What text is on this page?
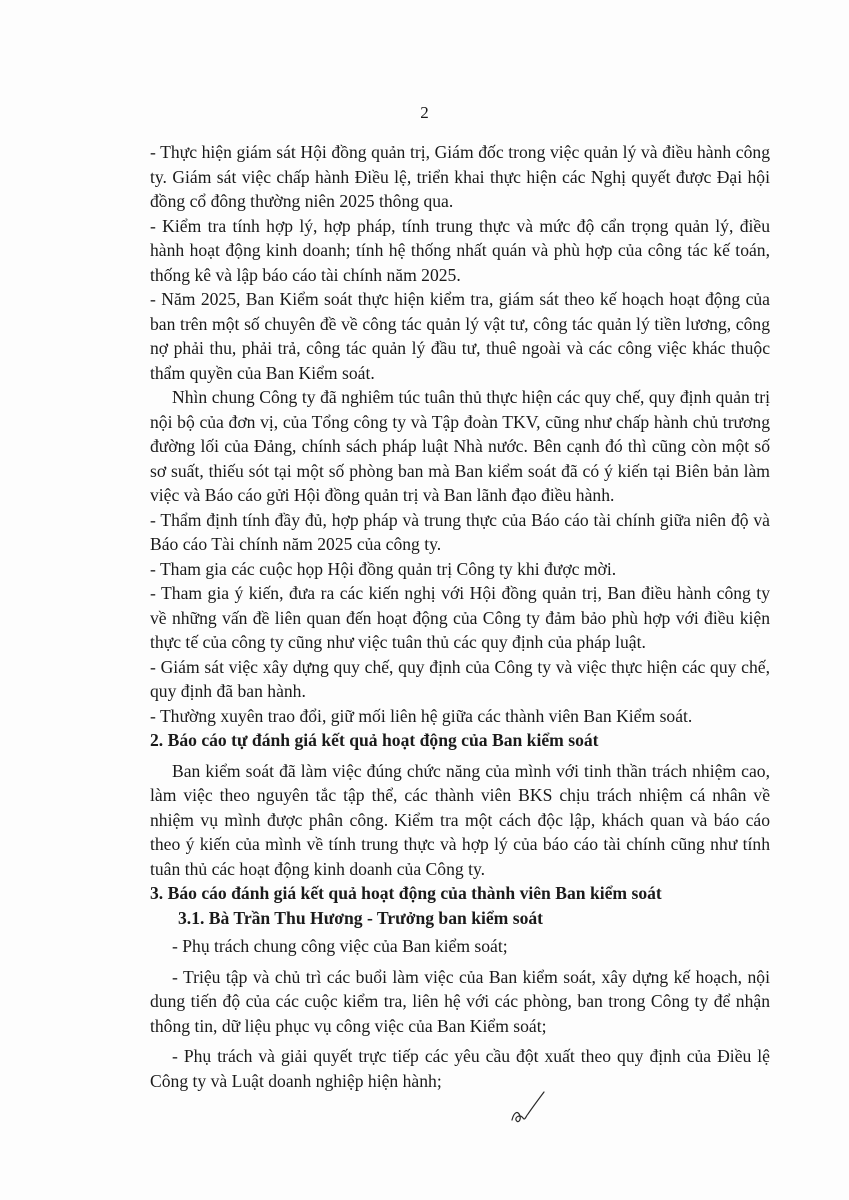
2

- Thực hiện giám sát Hội đồng quản trị, Giám đốc trong việc quản lý và điều hành công ty. Giám sát việc chấp hành Điều lệ, triển khai thực hiện các Nghị quyết được Đại hội đồng cổ đông thường niên 2025 thông qua.

- Kiểm tra tính hợp lý, hợp pháp, tính trung thực và mức độ cẩn trọng quản lý, điều hành hoạt động kinh doanh; tính hệ thống nhất quán và phù hợp của công tác kế toán, thống kê và lập báo cáo tài chính năm 2025.

- Năm 2025, Ban Kiểm soát thực hiện kiểm tra, giám sát theo kế hoạch hoạt động của ban trên một số chuyên đề về công tác quản lý vật tư, công tác quản lý tiền lương, công nợ phải thu, phải trả, công tác quản lý đầu tư, thuê ngoài và các công việc khác thuộc thẩm quyền của Ban Kiểm soát.

Nhìn chung Công ty đã nghiêm túc tuân thủ thực hiện các quy chế, quy định quản trị nội bộ của đơn vị, của Tổng công ty và Tập đoàn TKV, cũng như chấp hành chủ trương đường lối của Đảng, chính sách pháp luật Nhà nước. Bên cạnh đó thì cũng còn một số sơ suất, thiếu sót tại một số phòng ban mà Ban kiểm soát đã có ý kiến tại Biên bản làm việc và Báo cáo gửi Hội đồng quản trị và Ban lãnh đạo điều hành.

- Thẩm định tính đầy đủ, hợp pháp và trung thực của Báo cáo tài chính giữa niên độ và Báo cáo Tài chính năm 2025 của công ty.

- Tham gia các cuộc họp Hội đồng quản trị Công ty khi được mời.

- Tham gia ý kiến, đưa ra các kiến nghị với Hội đồng quản trị, Ban điều hành công ty về những vấn đề liên quan đến hoạt động của Công ty đảm bảo phù hợp với điều kiện thực tế của công ty cũng như việc tuân thủ các quy định của pháp luật.

- Giám sát việc xây dựng quy chế, quy định của Công ty và việc thực hiện các quy chế, quy định đã ban hành.

- Thường xuyên trao đổi, giữ mối liên hệ giữa các thành viên Ban Kiểm soát.

2. Báo cáo tự đánh giá kết quả hoạt động của Ban kiểm soát

Ban kiểm soát đã làm việc đúng chức năng của mình với tinh thần trách nhiệm cao, làm việc theo nguyên tắc tập thể, các thành viên BKS chịu trách nhiệm cá nhân về nhiệm vụ mình được phân công. Kiểm tra một cách độc lập, khách quan và báo cáo theo ý kiến của mình về tính trung thực và hợp lý của báo cáo tài chính cũng như tính tuân thủ các hoạt động kinh doanh của Công ty.

3. Báo cáo đánh giá kết quả hoạt động của thành viên Ban kiểm soát

3.1. Bà Trần Thu Hương - Trưởng ban kiểm soát

- Phụ trách chung công việc của Ban kiểm soát;

- Triệu tập và chủ trì các buổi làm việc của Ban kiểm soát, xây dựng kế hoạch, nội dung tiến độ của các cuộc kiểm tra, liên hệ với các phòng, ban trong Công ty để nhận thông tin, dữ liệu phục vụ công việc của Ban Kiểm soát;

- Phụ trách và giải quyết trực tiếp các yêu cầu đột xuất theo quy định của Điều lệ Công ty và Luật doanh nghiệp hiện hành;
